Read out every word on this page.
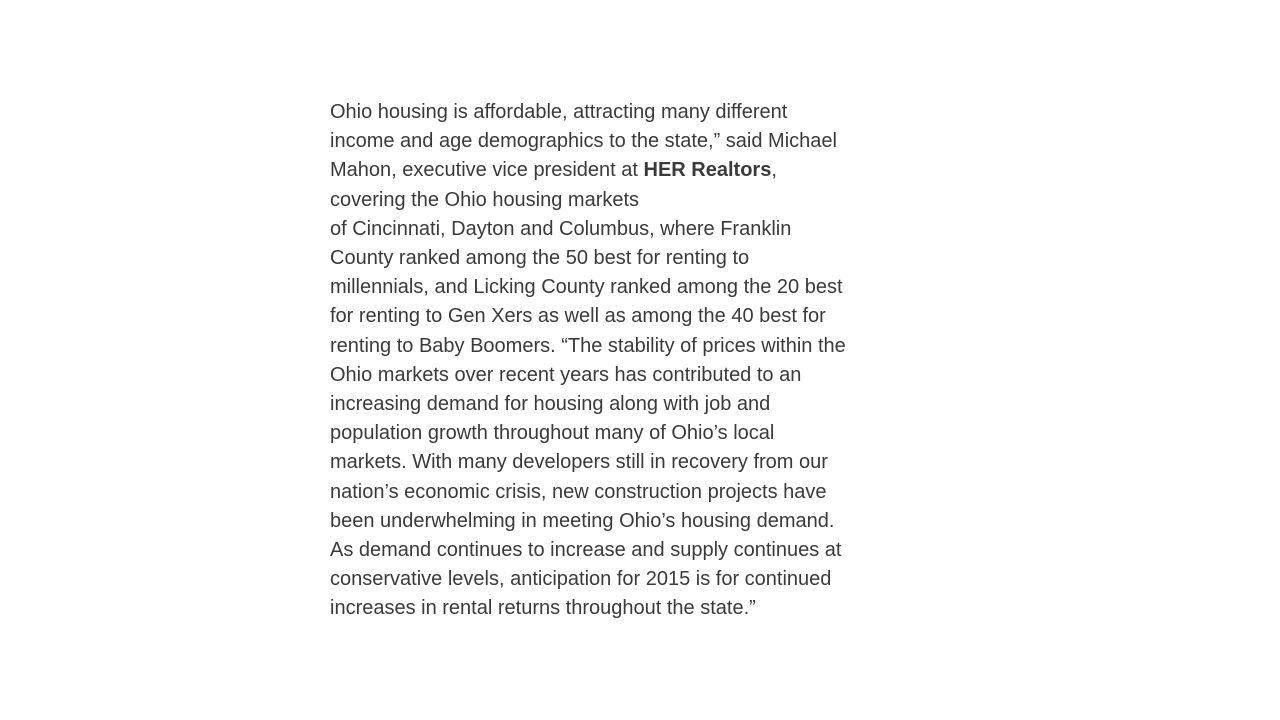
Ohio housing is affordable, attracting many different
income and age demographics to the state,” said Michael
Mahon, executive vice president at HER Realtors,
covering the Ohio housing markets
of Cincinnati, Dayton and Columbus, where Franklin
County ranked among the 50 best for renting to
millennials, and Licking County ranked among the 20 best
for renting to Gen Xers as well as among the 40 best for
renting to Baby Boomers. “The stability of prices within the
Ohio markets over recent years has contributed to an
increasing demand for housing along with job and
population growth throughout many of Ohio’s local
markets. With many developers still in recovery from our
nation’s economic crisis, new construction projects have
been underwhelming in meeting Ohio’s housing demand.
As demand continues to increase and supply continues at
conservative levels, anticipation for 2015 is for continued
increases in rental returns throughout the state.”
